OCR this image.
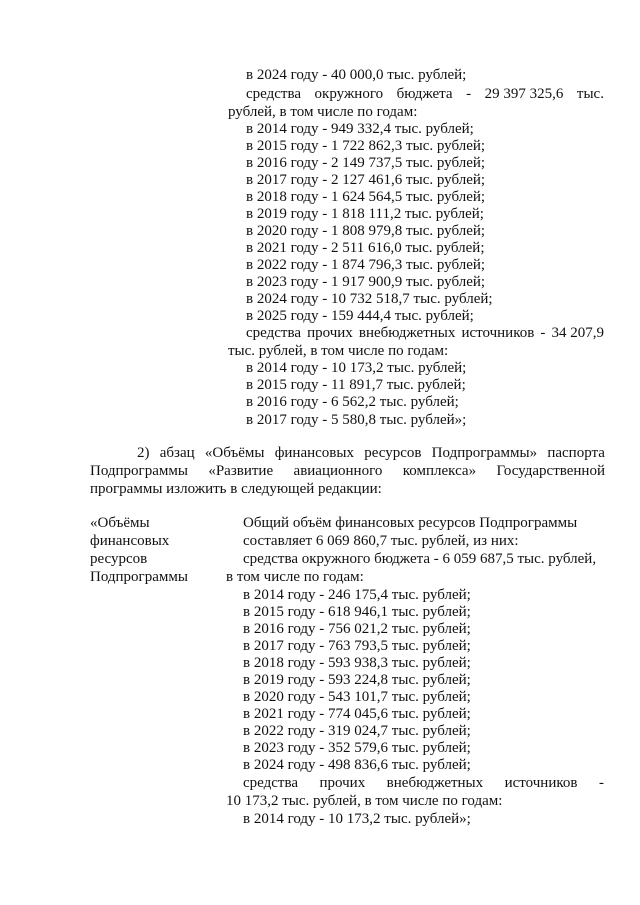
в 2024 году - 40 000,0 тыс. рублей;
средства окружного бюджета - 29 397 325,6 тыс.
рублей, в том числе по годам:
в 2014 году - 949 332,4 тыс. рублей;
в 2015 году - 1 722 862,3 тыс. рублей;
в 2016 году - 2 149 737,5 тыс. рублей;
в 2017 году - 2 127 461,6 тыс. рублей;
в 2018 году - 1 624 564,5 тыс. рублей;
в 2019 году - 1 818 111,2 тыс. рублей;
в 2020 году - 1 808 979,8 тыс. рублей;
в 2021 году - 2 511 616,0 тыс. рублей;
в 2022 году - 1 874 796,3 тыс. рублей;
в 2023 году - 1 917 900,9 тыс. рублей;
в 2024 году - 10 732 518,7 тыс. рублей;
в 2025 году - 159 444,4 тыс. рублей;
средства прочих внебюджетных источников - 34 207,9
тыс. рублей, в том числе по годам:
в 2014 году - 10 173,2 тыс. рублей;
в 2015 году - 11 891,7 тыс. рублей;
в 2016 году - 6 562,2 тыс. рублей;
в 2017 году - 5 580,8 тыс. рублей»;
2) абзац «Объёмы финансовых ресурсов Подпрограммы» паспорта
Подпрограммы «Развитие авиационного комплекса» Государственной
программы изложить в следующей редакции:
«Объёмы
финансовых
ресурсов
Подпрограммы
Общий объём финансовых ресурсов Подпрограммы
составляет 6 069 860,7 тыс. рублей, из них:
средства окружного бюджета - 6 059 687,5 тыс. рублей,
в том числе по годам:
в 2014 году - 246 175,4 тыс. рублей;
в 2015 году - 618 946,1 тыс. рублей;
в 2016 году - 756 021,2 тыс. рублей;
в 2017 году - 763 793,5 тыс. рублей;
в 2018 году - 593 938,3 тыс. рублей;
в 2019 году - 593 224,8 тыс. рублей;
в 2020 году - 543 101,7 тыс. рублей;
в 2021 году - 774 045,6 тыс. рублей;
в 2022 году - 319 024,7 тыс. рублей;
в 2023 году - 352 579,6 тыс. рублей;
в 2024 году - 498 836,6 тыс. рублей;
средства прочих внебюджетных источников -
10 173,2 тыс. рублей, в том числе по годам:
в 2014 году - 10 173,2 тыс. рублей»;
